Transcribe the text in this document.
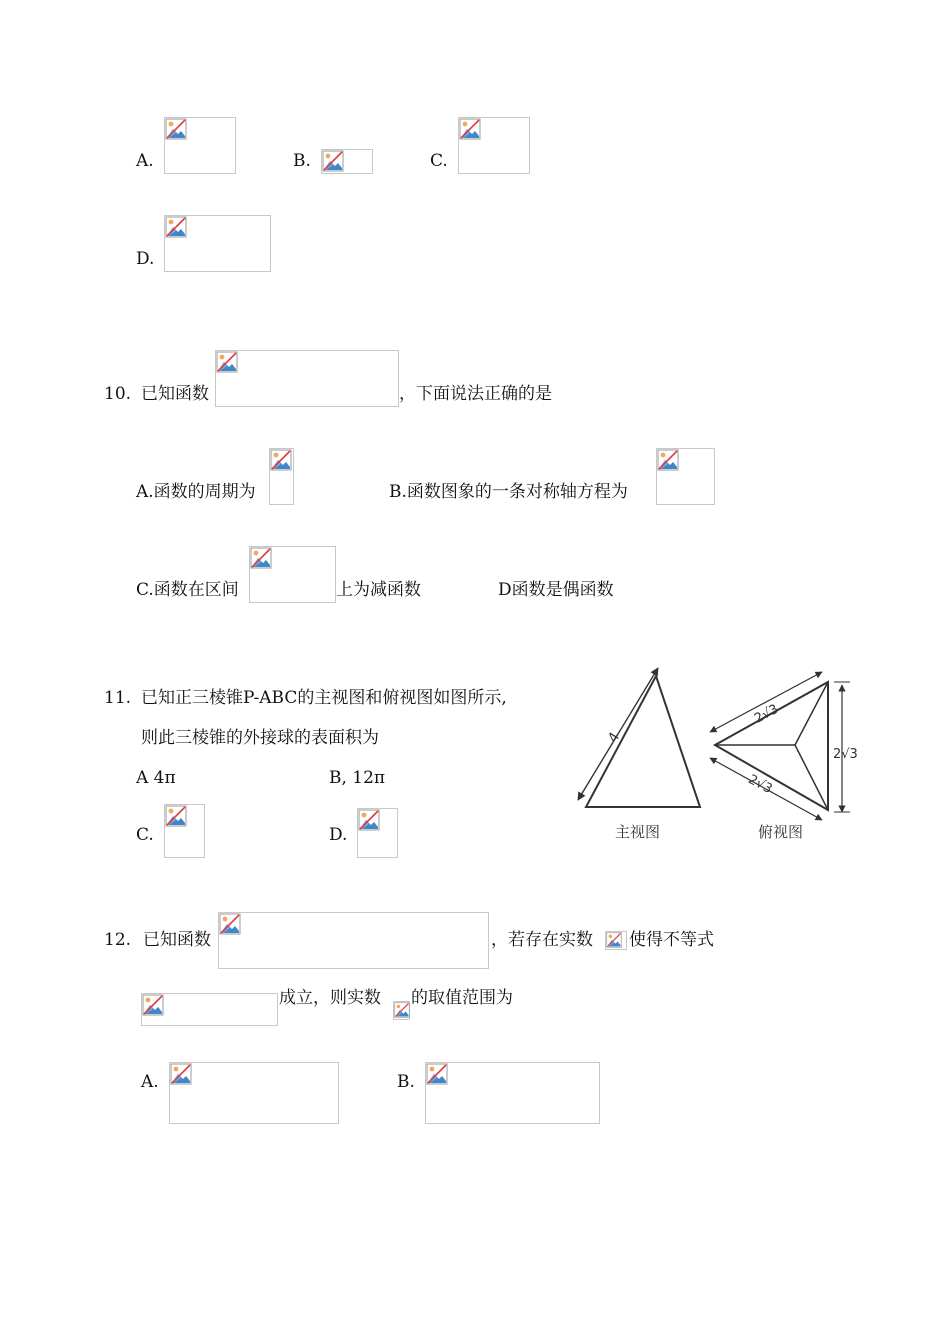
A.	B.	C.
D.
10. 已知函数	，下面说法正确的是
A.函数的周期为	B.函数图象的一条对称轴方程为
C.函数在区间	上为减函数	D函数是偶函数
11. 已知正三棱锥P-ABC的主视图和俯视图如图所示,
则此三棱锥的外接球的表面积为
A 4π	B, 12π
C.	D.
4
主视图
2√3
2√3
2√3
俯视图
12. 已知函数	，若存在实数 使得不等式
成立，则实数 的取值范围为
A.	B.
